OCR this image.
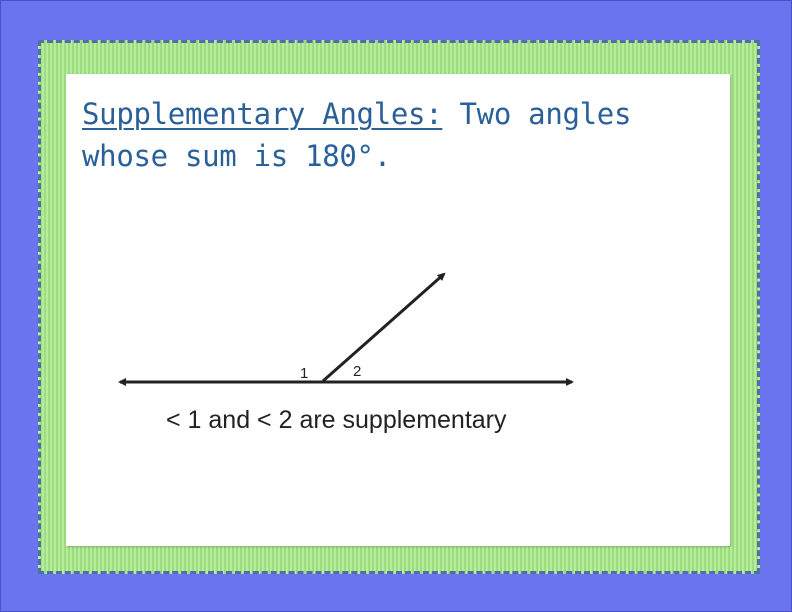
Supplementary Angles: Two angles
whose sum is 180°.

1	2
< 1 and < 2 are supplementary
